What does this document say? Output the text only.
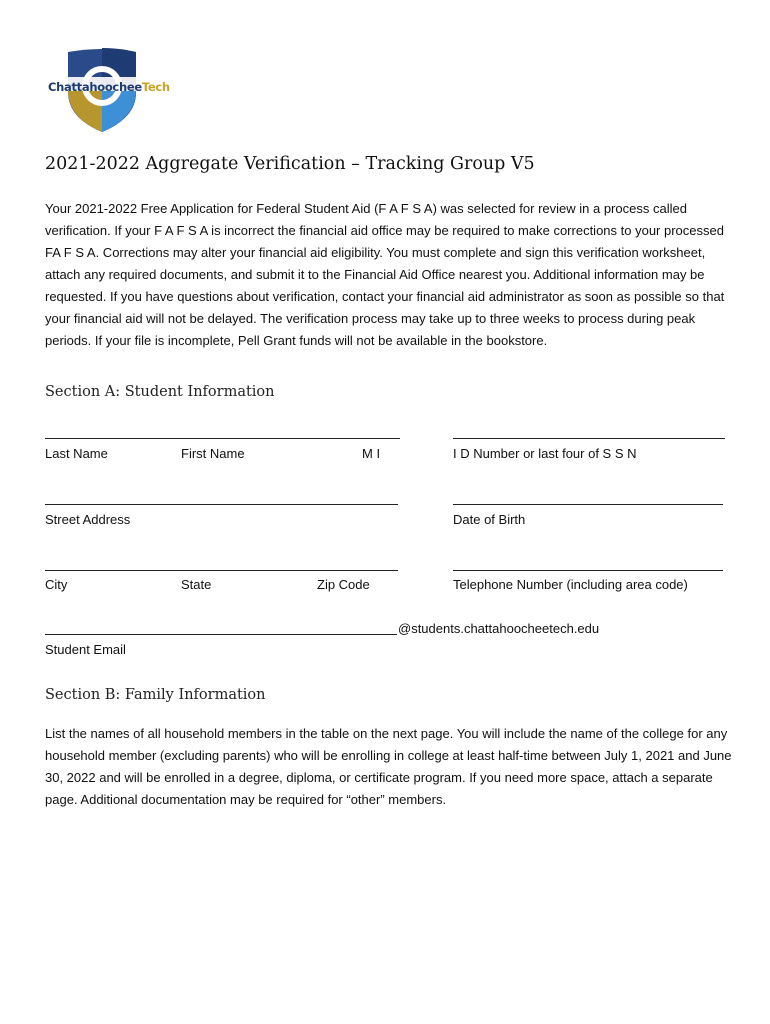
ChattahoocheeTech
2021-2022 Aggregate Verification – Tracking Group V5

Your 2021-2022 Free Application for Federal Student Aid (F A F S A) was selected for review in a process called verification. If your F A F S A is incorrect the financial aid office may be required to make corrections to your processed FA F S A. Corrections may alter your financial aid eligibility. You must complete and sign this verification worksheet, attach any required documents, and submit it to the Financial Aid Office nearest you. Additional information may be requested. If you have questions about verification, contact your financial aid administrator as soon as possible so that your financial aid will not be delayed. The verification process may take up to three weeks to process during peak periods. If your file is incomplete, Pell Grant funds will not be available in the bookstore.

Section A: Student Information
Last Name	First Name	M I	I D Number or last four of S S N
Street Address	Date of Birth
City	State	Zip Code	Telephone Number (including area code)
@students.chattahoocheetech.edu
Student Email
Section B: Family Information

List the names of all household members in the table on the next page. You will include the name of the college for any household member (excluding parents) who will be enrolling in college at least half-time between July 1, 2021 and June 30, 2022 and will be enrolled in a degree, diploma, or certificate program. If you need more space, attach a separate page. Additional documentation may be required for “other” members.
